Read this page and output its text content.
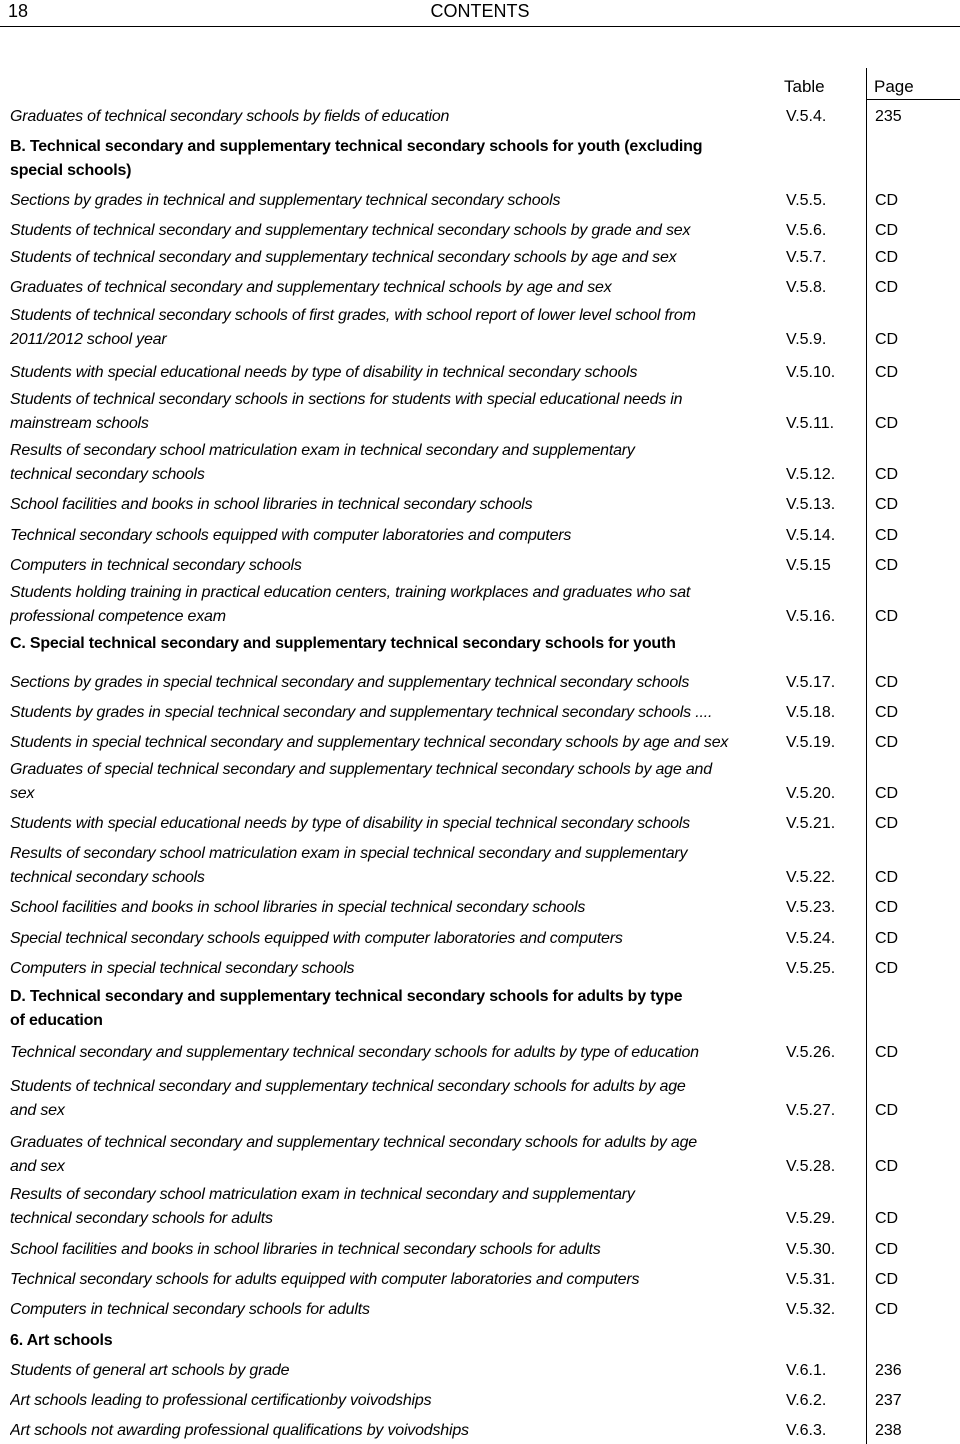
18	CONTENTS
Table	Page
Graduates of technical secondary schools by fields of education	V.5.4.	235
B. Technical secondary and supplementary technical secondary schools for youth (excluding
special schools)
Sections by grades in technical and supplementary technical secondary schools	V.5.5.	CD
Students of technical secondary and supplementary technical secondary schools by grade and sex	V.5.6.	CD
Students of technical secondary and supplementary technical secondary schools by age and sex	V.5.7.	CD
Graduates of technical secondary and supplementary technical schools by age and sex	V.5.8.	CD
Students of technical secondary schools of first grades, with school report of lower level school from
2011/2012 school year	V.5.9.	CD
Students with special educational needs by type of disability in technical secondary schools	V.5.10. CD
Students of technical secondary schools in sections for students with special educational needs in
mainstream schools	V.5.11.	CD
Results of secondary school matriculation exam in technical secondary and supplementary
technical secondary schools	V.5.12. CD
School facilities and books in school libraries in technical secondary schools	V.5.13. CD
Technical secondary schools equipped with computer laboratories and computers	V.5.14. CD
Computers in technical secondary schools	V.5.15	CD
Students holding training in practical education centers, training workplaces and graduates who sat
professional competence exam	V.5.16. CD
C. Special technical secondary and supplementary technical secondary schools for youth
Sections by grades in special technical secondary and supplementary technical secondary schools	V.5.17. CD
Students by grades in special technical secondary and supplementary technical secondary schools ....	V.5.18. CD
Students in special technical secondary and supplementary technical secondary schools by age and sex	V.5.19. CD
Graduates of special technical secondary and supplementary technical secondary schools by age and
sex	V.5.20. CD
Students with special educational needs by type of disability in special technical secondary schools	V.5.21. CD
Results of secondary school matriculation exam in special technical secondary and supplementary
technical secondary schools	V.5.22. CD
School facilities and books in school libraries in special technical secondary schools	V.5.23. CD
Special technical secondary schools equipped with computer laboratories and computers	V.5.24. CD
Computers in special technical secondary schools	V.5.25. CD
D. Technical secondary and supplementary technical secondary schools for adults by type
of education
Technical secondary and supplementary technical secondary schools for adults by type of education	V.5.26. CD
Students of technical secondary and supplementary technical secondary schools for adults by age
and sex	V.5.27. CD
Graduates of technical secondary and supplementary technical secondary schools for adults by age
and sex	V.5.28. CD
Results of secondary school matriculation exam in technical secondary and supplementary
technical secondary schools for adults	V.5.29. CD
School facilities and books in school libraries in technical secondary schools for adults	V.5.30. CD
Technical secondary schools for adults equipped with computer laboratories and computers	V.5.31. CD
Computers in technical secondary schools for adults	V.5.32. CD
6. Art schools
Students of general art schools by grade	V.6.1.	236
Art schools leading to professional certificationby voivodships	V.6.2.	237
Art schools not awarding professional qualifications by voivodships	V.6.3.	238
